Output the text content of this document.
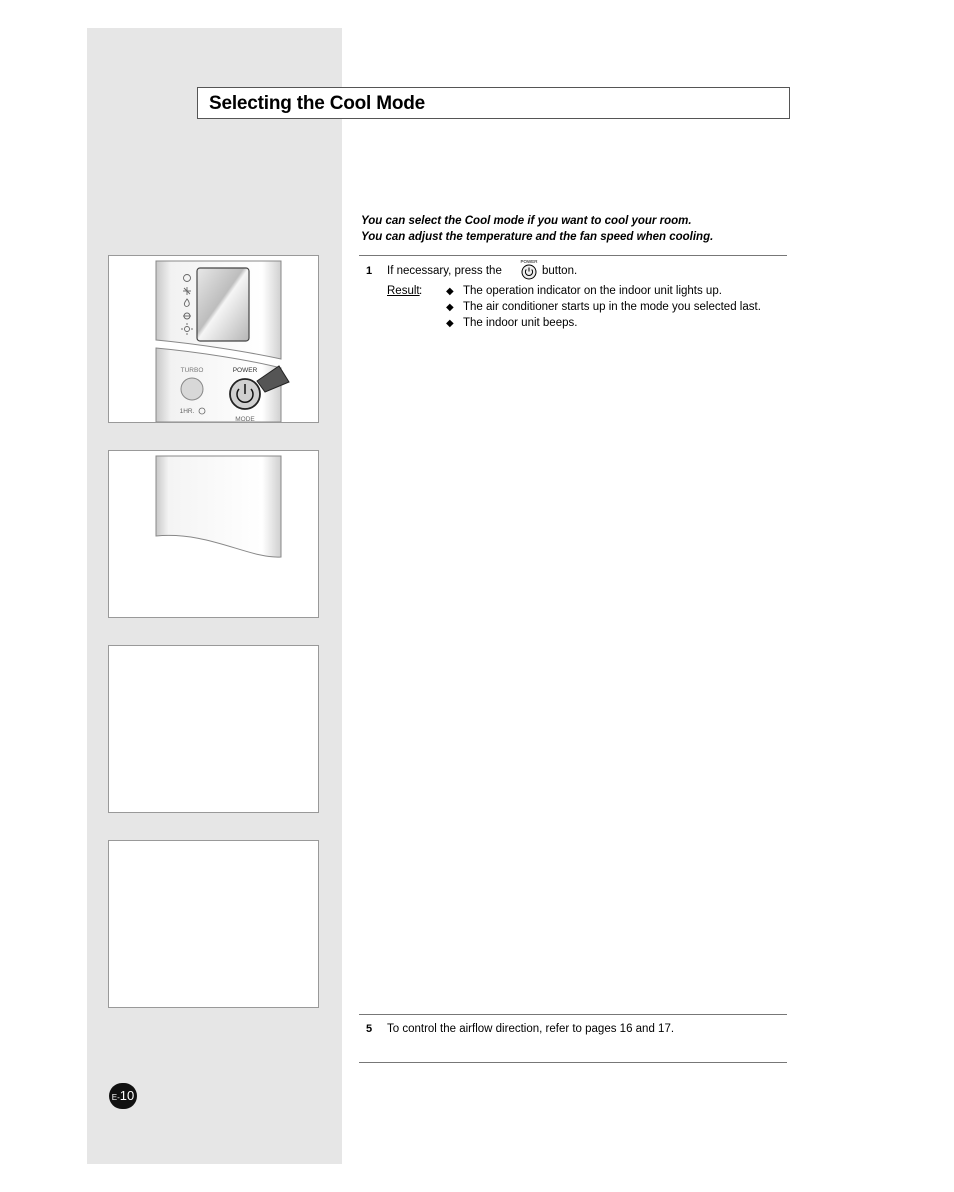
Selecting the Cool Mode
You can select the Cool mode if you want to cool your room.
You can adjust the temperature and the fan speed when cooling.
1 If necessary, press the
POWER
button.
Result : ◆ The operation indicator on the indoor unit lights up.
◆ The air conditioner starts up in the mode you selected last.
◆ The indoor unit beeps.
5 To control the airflow direction, refer to pages 16 and 17.
TURBO	POWER
1HR.
MODE
E-10
